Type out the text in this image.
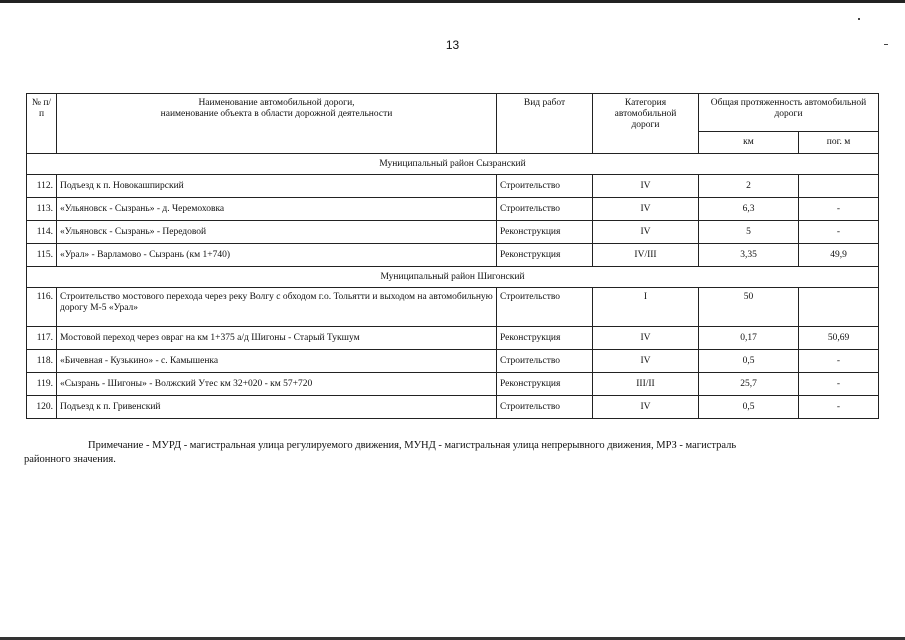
13
№ п/п	Наименование автомобильной дороги,
наименование объекта в области дорожной деятельности	Вид работ	Категория
автомобильной
дороги	Общая протяженность автомобильной
дороги	
				км	пог. м
Муниципальный район Сызранский					
112.	Подъезд к п. Новокашпирский	Строительство	IV	2	
113.	«Ульяновск - Сызрань» - д. Черемоховка	Строительство	IV	6,3	-
114.	«Ульяновск - Сызрань» - Передовой	Реконструкция	IV	5	-
115.	«Урал» - Варламово - Сызрань (км 1+740)	Реконструкция	IV/III	3,35	49,9
Муниципальный район Шигонский					
116.	Строительство мостового перехода через реку Волгу с обходом г.о. Тольятти и выходом на автомобильную дорогу М-5 «Урал»	Строительство	I	50	
117.	Мостовой переход через овраг на км 1+375 а/д Шигоны - Старый Тукшум	Реконструкция	IV	0,17	50,69
118.	«Бичевная - Кузькино» - с. Камышенка	Строительство	IV	0,5	-
119.	«Сызрань - Шигоны» - Волжский Утес км 32+020 - км 57+720	Реконструкция	III/II	25,7	-
120.	Подъезд к п. Гривенский	Строительство	IV	0,5	-
Примечание - МУРД - магистральная улица регулируемого движения, МУНД - магистральная улица непрерывного движения, МРЗ - магистраль
районного значения.
